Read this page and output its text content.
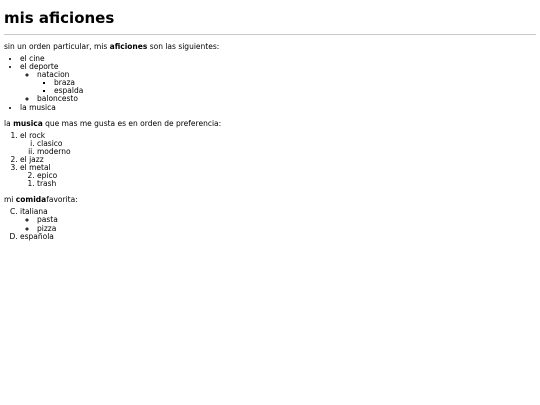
mis aficiones

sin un orden particular, mis aficiones son las siguientes:

• el cine
• el deporte
◦ natacion
▪ braza
▪ espalda
◦ baloncesto
• la musica

la musica que mas me gusta es en orden de preferencia:

1. el rock
i. clasico
ii. moderno
2. el jazz
3. el metal
2. epico
1. trash

mi comidafavorita:

C. italiana
◦ pasta
◦ pizza
D. española
